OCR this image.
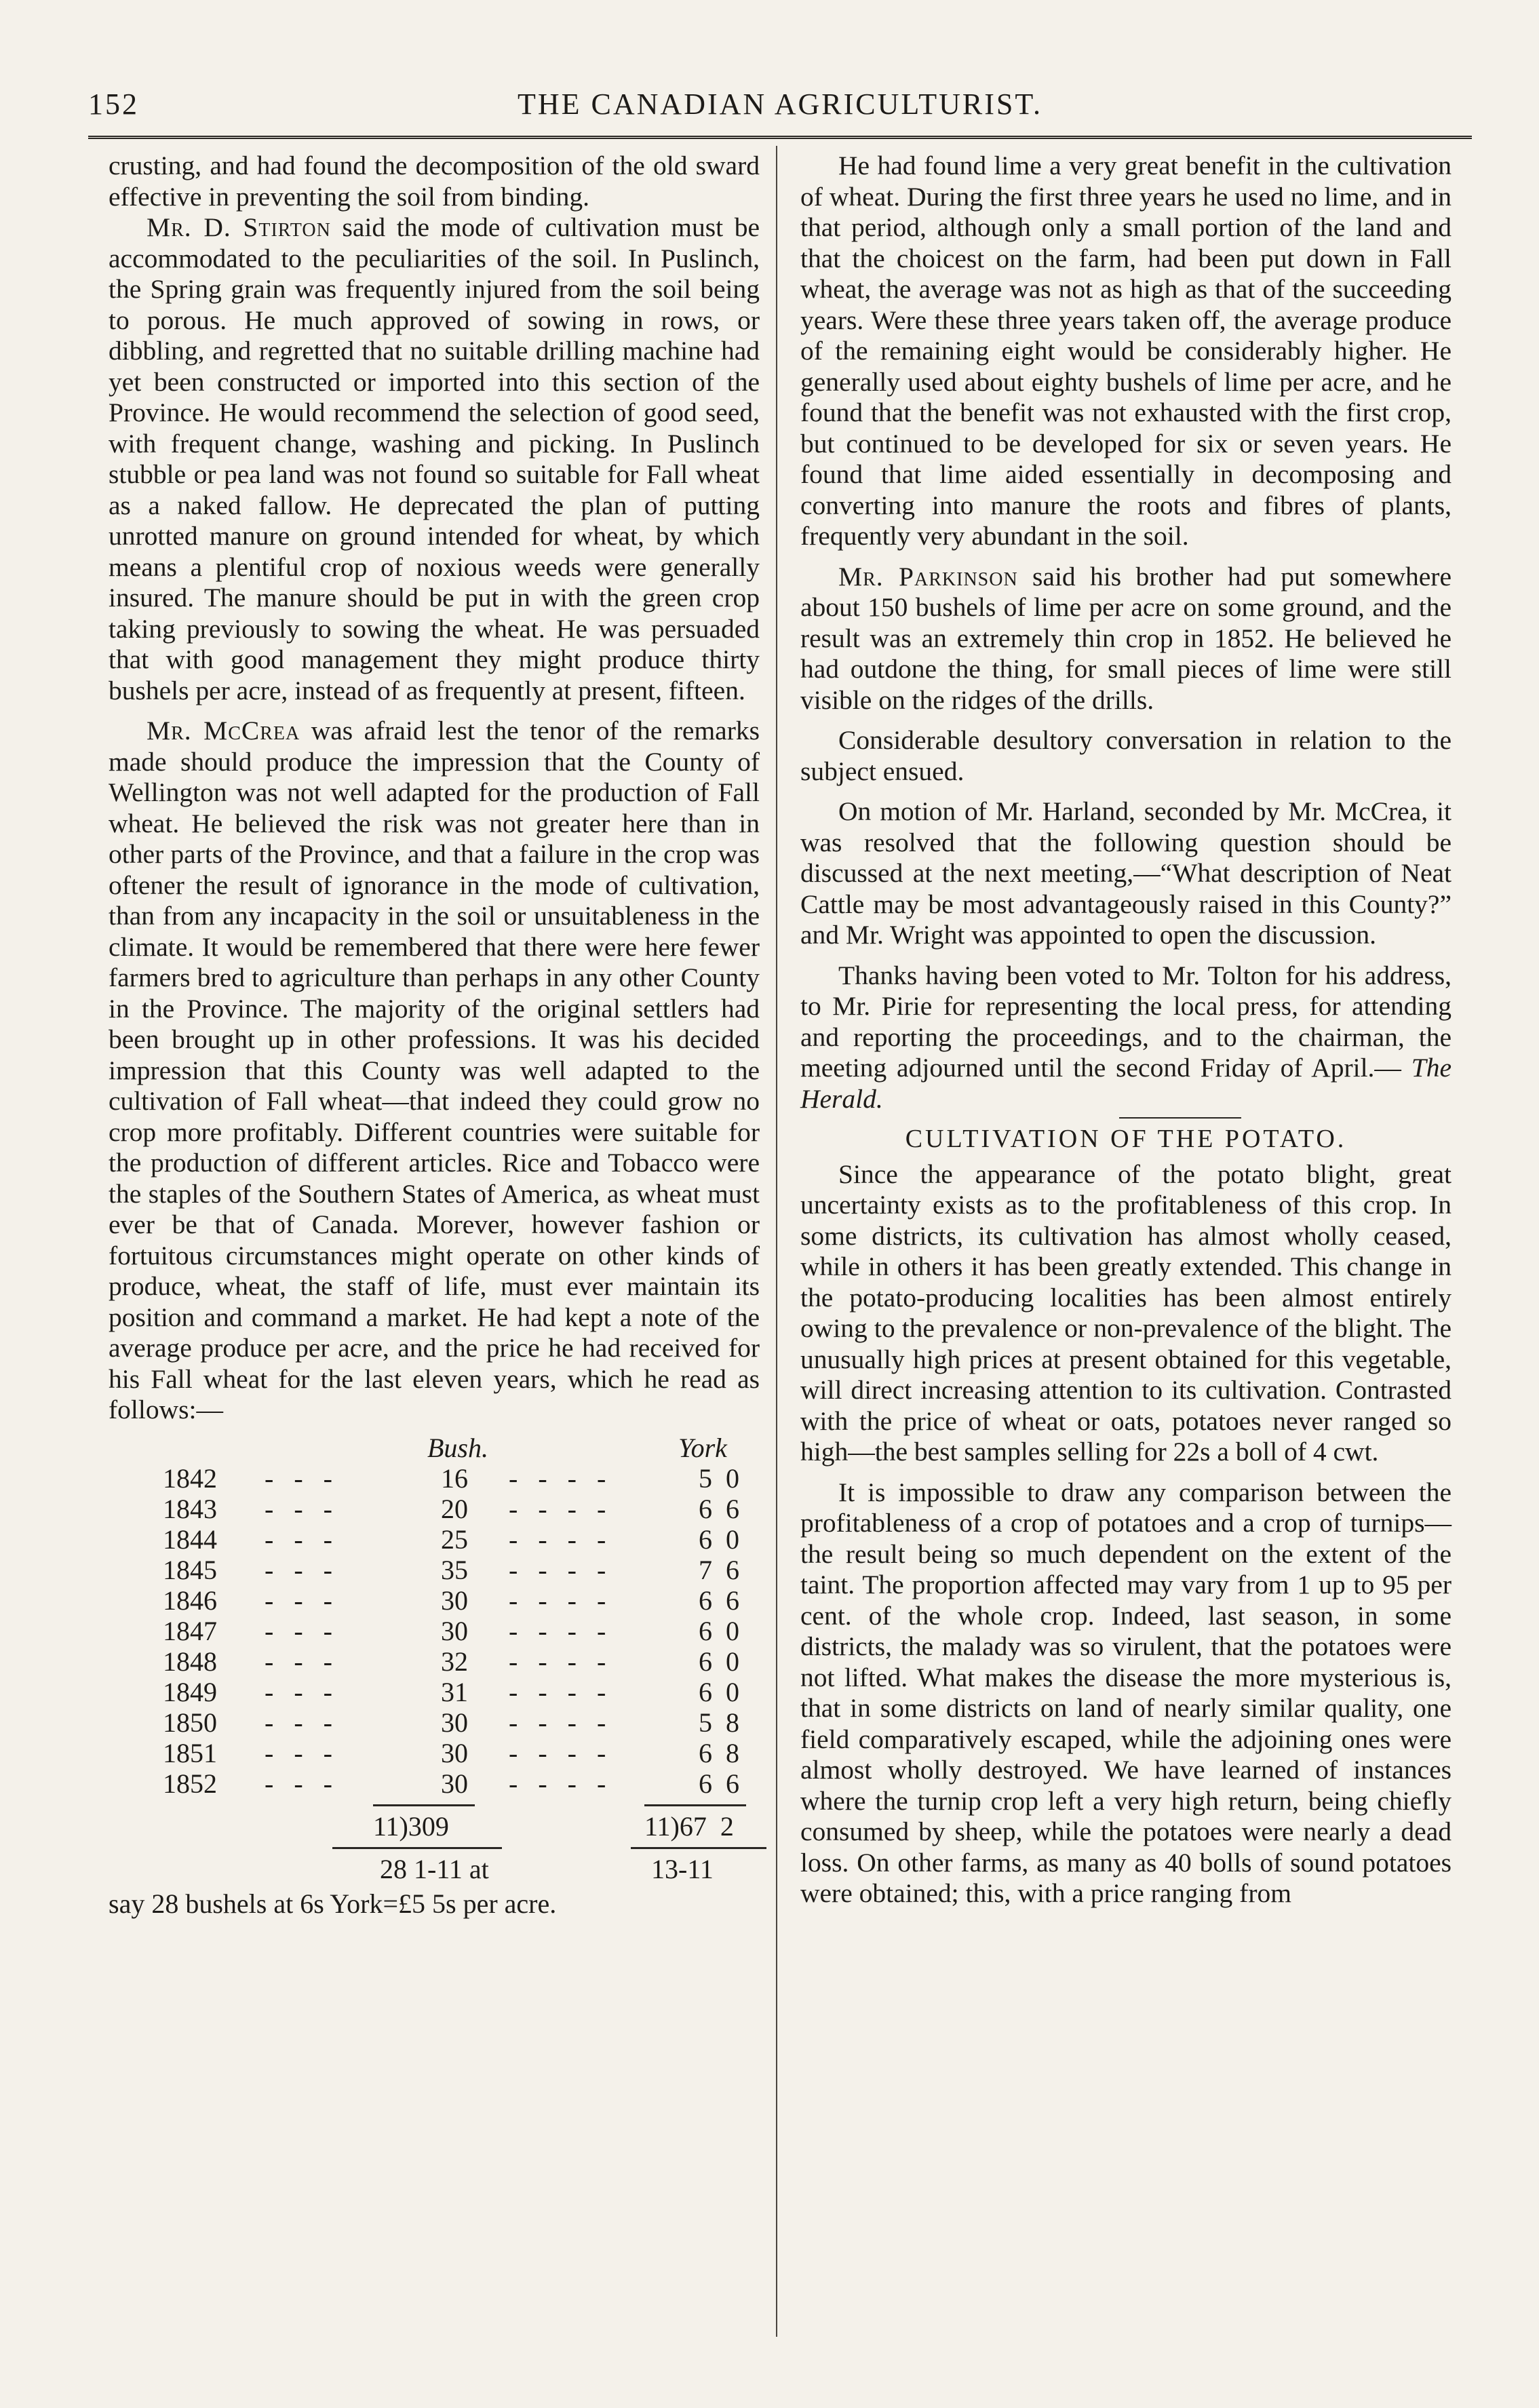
152	THE CANADIAN AGRICULTURIST.

crusting, and had found the decomposition of the old sward effective in preventing the soil from binding.

Mr. D. Stirton said the mode of cultivation must be accommodated to the peculiarities of the soil. In Puslinch, the Spring grain was frequently injured from the soil being to porous. He much approved of sowing in rows, or dibbling, and regretted that no suitable drilling machine had yet been constructed or imported into this section of the Province. He would recommend the selection of good seed, with frequent change, washing and picking. In Puslinch stubble or pea land was not found so suitable for Fall wheat as a naked fallow. He deprecated the plan of putting unrotted manure on ground intended for wheat, by which means a plentiful crop of noxious weeds were generally insured. The manure should be put in with the green crop taking previously to sowing the wheat. He was persuaded that with good management they might produce thirty bushels per acre, instead of as frequently at present, fifteen.

Mr. McCrea was afraid lest the tenor of the remarks made should produce the impression that the County of Wellington was not well adapted for the production of Fall wheat. He believed the risk was not greater here than in other parts of the Province, and that a failure in the crop was oftener the result of ignorance in the mode of cultivation, than from any incapacity in the soil or unsuitableness in the climate. It would be remembered that there were here fewer farmers bred to agriculture than perhaps in any other County in the Province. The majority of the original settlers had been brought up in other professions. It was his decided impression that this County was well adapted to the cultivation of Fall wheat—that indeed they could grow no crop more profitably. Different countries were suitable for the production of different articles. Rice and Tobacco were the staples of the Southern States of America, as wheat must ever be that of Canada. Morever, however fashion or fortuitous circumstances might operate on other kinds of produce, wheat, the staff of life, must ever maintain its position and command a market. He had kept a note of the average produce per acre, and the price he had received for his Fall wheat for the last eleven years, which he read as follows:—

Bush.	York
1842 -   -   -	16 -   -   -   -	5  0
1843 -   -   -	20 -   -   -   -	6  6
1844 -   -   -	25 -   -   -   -	6  0
1845 -   -   -	35 -   -   -   -	7  6
1846 -   -   -	30 -   -   -   -	6  6
1847 -   -   -	30 -   -   -   -	6  0
1848 -   -   -	32 -   -   -   -	6  0
1849 -   -   -	31 -   -   -   -	6  0
1850 -   -   -	30 -   -   -   -	5  8
1851 -   -   -	30 -   -   -   -	6  8
1852 -   -   -	30 -   -   -   -	6  6
11)309	11)67  2
28 1-11 at	13-11
say 28 bushels at 6s York=£5 5s per acre.

He had found lime a very great benefit in the cultivation of wheat. During the first three years he used no lime, and in that period, although only a small portion of the land and that the choicest on the farm, had been put down in Fall wheat, the average was not as high as that of the succeeding years. Were these three years taken off, the average produce of the remaining eight would be considerably higher. He generally used about eighty bushels of lime per acre, and he found that the benefit was not exhausted with the first crop, but continued to be developed for six or seven years. He found that lime aided essentially in decomposing and converting into manure the roots and fibres of plants, frequently very abundant in the soil.

Mr. Parkinson said his brother had put somewhere about 150 bushels of lime per acre on some ground, and the result was an extremely thin crop in 1852. He believed he had outdone the thing, for small pieces of lime were still visible on the ridges of the drills.

Considerable desultory conversation in relation to the subject ensued.

On motion of Mr. Harland, seconded by Mr. McCrea, it was resolved that the following question should be discussed at the next meeting,—“What description of Neat Cattle may be most advantageously raised in this County?” and Mr. Wright was appointed to open the discussion.

Thanks having been voted to Mr. Tolton for his address, to Mr. Pirie for representing the local press, for attending and reporting the proceedings, and to the chairman, the meeting adjourned until the second Friday of April.— The Herald.

CULTIVATION OF THE POTATO.

Since the appearance of the potato blight, great uncertainty exists as to the profitableness of this crop. In some districts, its cultivation has almost wholly ceased, while in others it has been greatly extended. This change in the potato-producing localities has been almost entirely owing to the prevalence or non-prevalence of the blight. The unusually high prices at present obtained for this vegetable, will direct increasing attention to its cultivation. Contrasted with the price of wheat or oats, potatoes never ranged so high—the best samples selling for 22s a boll of 4 cwt.

It is impossible to draw any comparison between the profitableness of a crop of potatoes and a crop of turnips—the result being so much dependent on the extent of the taint. The proportion affected may vary from 1 up to 95 per cent. of the whole crop. Indeed, last season, in some districts, the malady was so virulent, that the potatoes were not lifted. What makes the disease the more mysterious is, that in some districts on land of nearly similar quality, one field comparatively escaped, while the adjoining ones were almost wholly destroyed. We have learned of instances where the turnip crop left a very high return, being chiefly consumed by sheep, while the potatoes were nearly a dead loss. On other farms, as many as 40 bolls of sound potatoes were obtained; this, with a price ranging from
